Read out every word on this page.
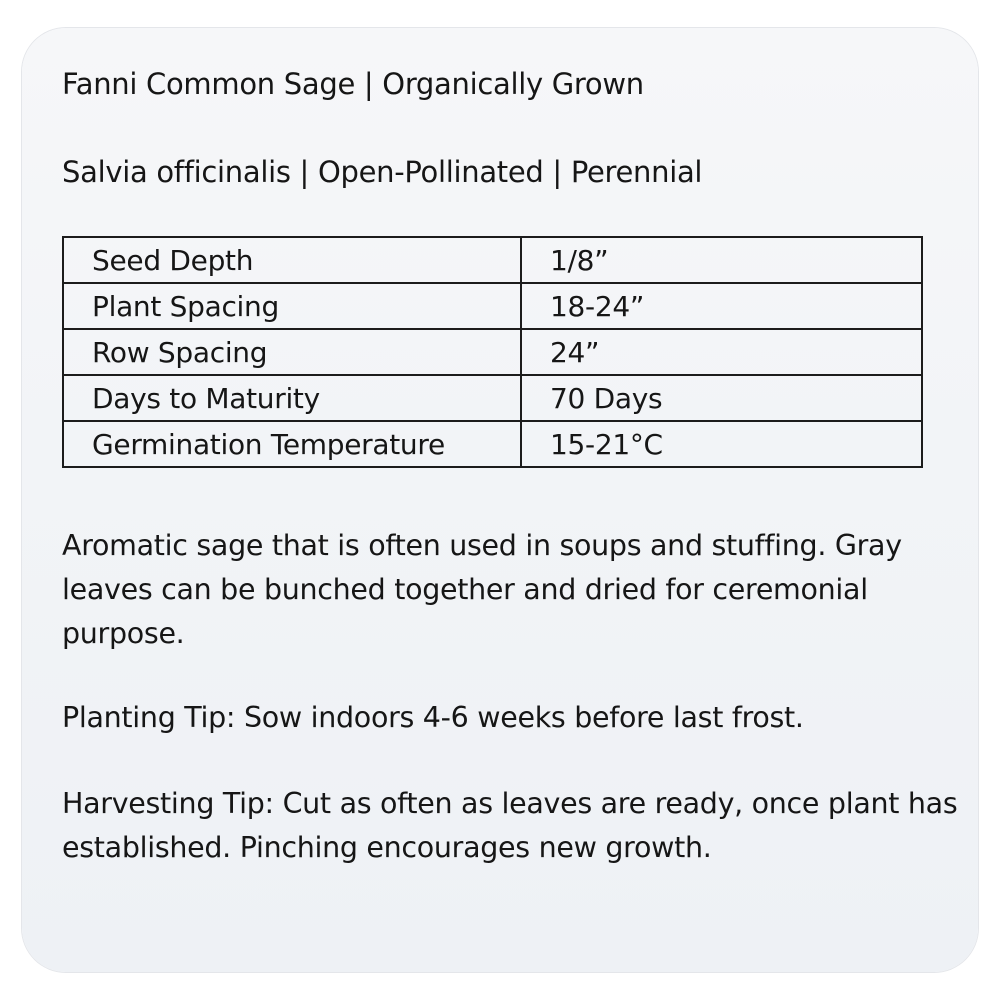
Fanni Common Sage | Organically Grown
Salvia officinalis | Open-Pollinated | Perennial
Seed Depth	1/8”
Plant Spacing	18-24”
Row Spacing	24”
Days to Maturity	70 Days
Germination Temperature	15-21°C
Aromatic sage that is often used in soups and stuffing. Gray
leaves can be bunched together and dried for ceremonial
purpose.
Planting Tip: Sow indoors 4-6 weeks before last frost.
Harvesting Tip: Cut as often as leaves are ready, once plant has
established. Pinching encourages new growth.
